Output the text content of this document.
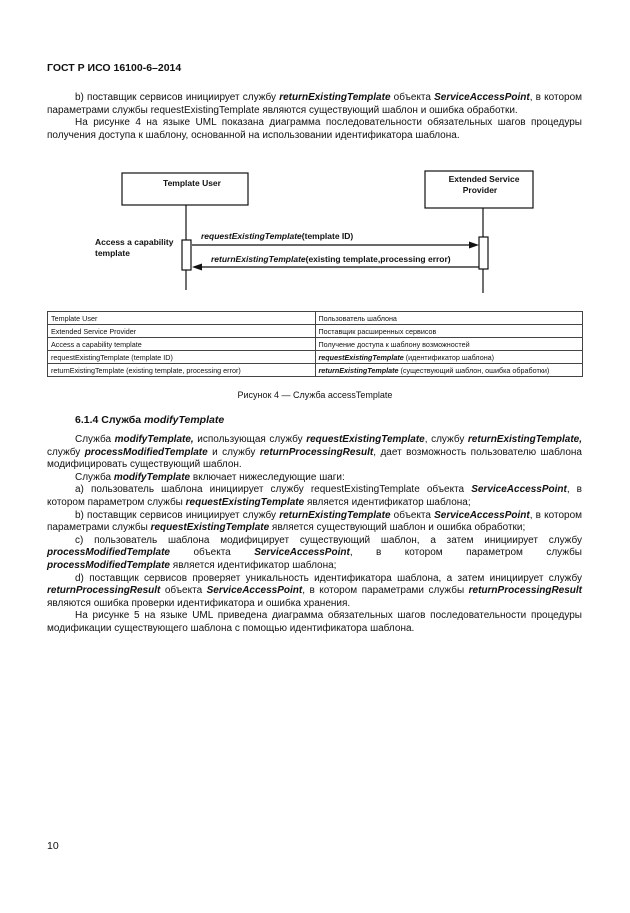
ГОСТ Р ИСО 16100-6–2014

b) поставщик сервисов инициирует службу returnExistingTemplate объекта ServiceAccessPoint, в котором параметрами службы requestExistingTemplate являются существующий шаблон и ошибка обработки.

На рисунке 4 на языке UML показана диаграмма последовательности обязательных шагов процедуры получения доступа к шаблону, основанной на использовании идентификатора шаблона.

Template User	Extended Service
Provider
Access a capability
template
requestExistingTemplate(template ID)
returnExistingTemplate(existing template,processing error)
Template User	Пользователь шаблона
Extended Service Provider	Поставщик расширенных сервисов
Access a capability template	Получение доступа к шаблону возможностей
requestExistingTemplate (template ID)	requestExistingTemplate (идентификатор шаблона)
returnExistingTemplate (existing template, processing error)	returnExistingTemplate (существующий шаблон, ошибка обработки)
Рисунок 4 — Служба accessTemplate
6.1.4 Служба modifyTemplate

Служба modifyTemplate, использующая службу requestExistingTemplate, службу returnExistingTemplate, службу processModifiedTemplate и службу returnProcessingResult, дает возможность пользователю шаблона модифицировать существующий шаблон.

Служба modifyTemplate включает нижеследующие шаги:

а) пользователь шаблона инициирует службу requestExistingTemplate объекта ServiceAccessPoint, в котором параметром службы requestExistingTemplate является идентификатор шаблона;

b) поставщик сервисов инициирует службу returnExistingTemplate объекта ServiceAccessPoint, в котором параметрами службы requestExistingTemplate является существующий шаблон и ошибка обработки;

с) пользователь шаблона модифицирует существующий шаблон, а затем инициирует службу processModifiedTemplate объекта ServiceAccessPoint, в котором параметром службы processModifiedTemplate является идентификатор шаблона;

d) поставщик сервисов проверяет уникальность идентификатора шаблона, а затем инициирует службу returnProcessingResult объекта ServiceAccessPoint, в котором параметрами службы returnProcessingResult являются ошибка проверки идентификатора и ошибка хранения.

На рисунке 5 на языке UML приведена диаграмма обязательных шагов последовательности процедуры модификации существующего шаблона с помощью идентификатора шаблона.

10
